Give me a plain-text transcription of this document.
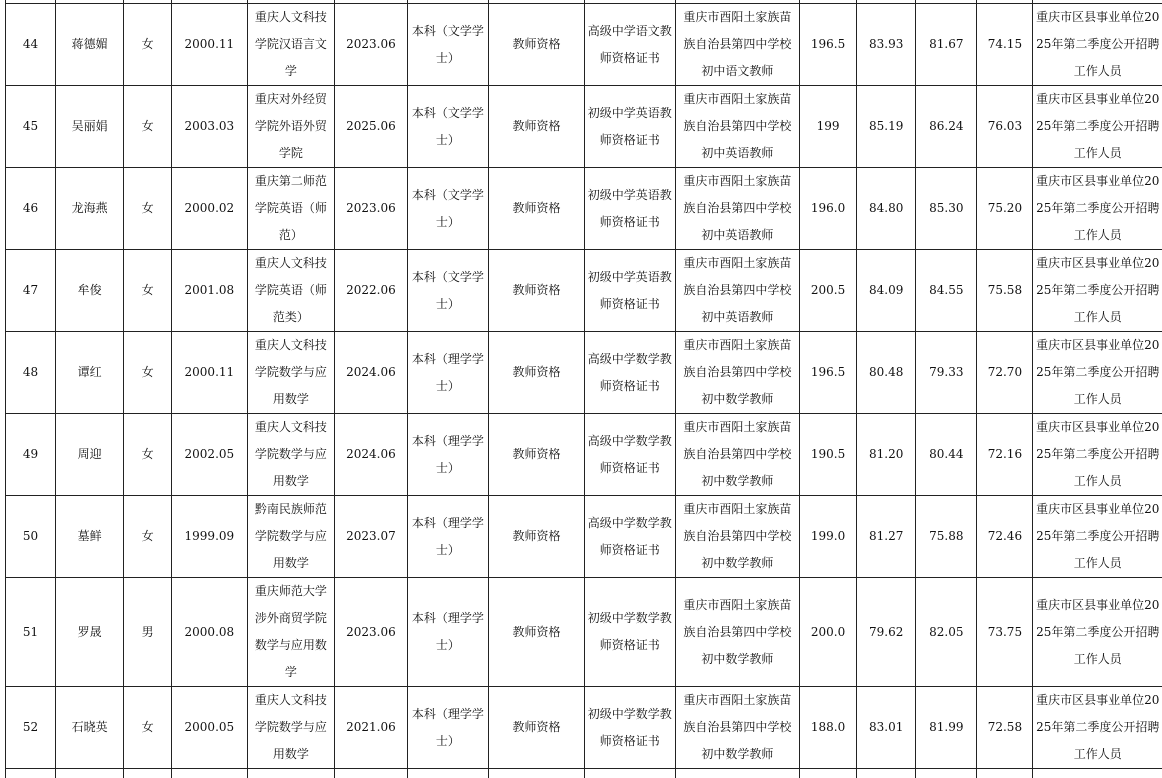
44	蒋德媚	女	2000.11	重庆人文科技学院汉语言文学	2023.06	本科（文学学士）	教师资格	高级中学语文教师资格证书	重庆市酉阳土家族苗族自治县第四中学校初中语文教师	196.5	83.93	81.67	74.15	重庆市区县事业单位2025年第二季度公开招聘工作人员
45	吴丽娟	女	2003.03	重庆对外经贸学院外语外贸学院	2025.06	本科（文学学士）	教师资格	初级中学英语教师资格证书	重庆市酉阳土家族苗族自治县第四中学校初中英语教师	199	85.19	86.24	76.03	重庆市区县事业单位2025年第二季度公开招聘工作人员
46	龙海燕	女	2000.02	重庆第二师范学院英语（师范）	2023.06	本科（文学学士）	教师资格	初级中学英语教师资格证书	重庆市酉阳土家族苗族自治县第四中学校初中英语教师	196.0	84.80	85.30	75.20	重庆市区县事业单位2025年第二季度公开招聘工作人员
47	牟俊	女	2001.08	重庆人文科技学院英语（师范类）	2022.06	本科（文学学士）	教师资格	初级中学英语教师资格证书	重庆市酉阳土家族苗族自治县第四中学校初中英语教师	200.5	84.09	84.55	75.58	重庆市区县事业单位2025年第二季度公开招聘工作人员
48	谭红	女	2000.11	重庆人文科技学院数学与应用数学	2024.06	本科（理学学士）	教师资格	高级中学数学教师资格证书	重庆市酉阳土家族苗族自治县第四中学校初中数学教师	196.5	80.48	79.33	72.70	重庆市区县事业单位2025年第二季度公开招聘工作人员
49	周迎	女	2002.05	重庆人文科技学院数学与应用数学	2024.06	本科（理学学士）	教师资格	高级中学数学教师资格证书	重庆市酉阳土家族苗族自治县第四中学校初中数学教师	190.5	81.20	80.44	72.16	重庆市区县事业单位2025年第二季度公开招聘工作人员
50	墓鲜	女	1999.09	黔南民族师范学院数学与应用数学	2023.07	本科（理学学士）	教师资格	高级中学数学教师资格证书	重庆市酉阳土家族苗族自治县第四中学校初中数学教师	199.0	81.27	75.88	72.46	重庆市区县事业单位2025年第二季度公开招聘工作人员
51	罗晟	男	2000.08	重庆师范大学涉外商贸学院数学与应用数学	2023.06	本科（理学学士）	教师资格	初级中学数学教师资格证书	重庆市酉阳土家族苗族自治县第四中学校初中数学教师	200.0	79.62	82.05	73.75	重庆市区县事业单位2025年第二季度公开招聘工作人员
52	石晓英	女	2000.05	重庆人文科技学院数学与应用数学	2021.06	本科（理学学士）	教师资格	初级中学数学教师资格证书	重庆市酉阳土家族苗族自治县第四中学校初中数学教师	188.0	83.01	81.99	72.58	重庆市区县事业单位2025年第二季度公开招聘工作人员
